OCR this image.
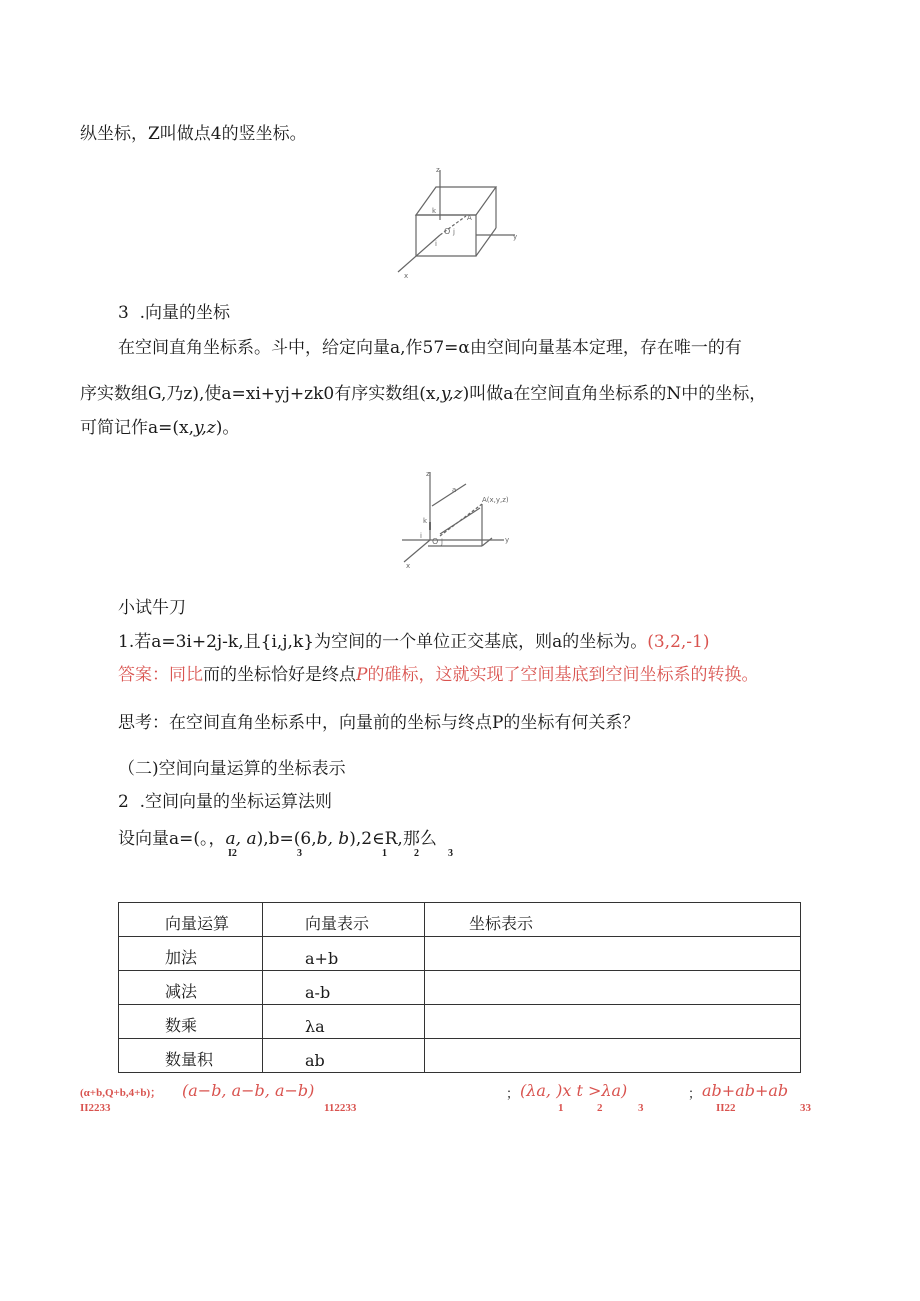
纵坐标，Z叫做点4的竖坐标。
z
k
A
O j
i
y
x
3  .向量的坐标
在空间直角坐标系。斗中，给定向量a,作57=α由空间向量基本定理，存在唯一的有
序实数组G,乃z),使a=xi+yj+zk0有序实数组(x,y,z)叫做a在空间直角坐标系的N中的坐标，
可简记作a=(x,y,z)。
z
a
A(x,y,z)
k
i
O j	y
x
小试牛刀
1.若a=3i+2j-k,且{i,j,k}为空间的一个单位正交基底，则a的坐标为。(3,2,-1)
答案：同比而的坐标恰好是终点P的碓标，这就实现了空间基底到空间坐标系的转换。
思考：在空间直角坐标系中，向量前的坐标与终点P的坐标有何关系？
（二)空间向量运算的坐标表示
2  .空间向量的坐标运算法则
设向量a=(。，a, a),b=(6,b, b),2∈R,那么
I2	3	1	2	3
向量运算	向量表示	坐标表示

加法	a+b	

减法	a-b	

数乘	λa	

数量积	ab	

(α+b,Q+b,4+b)； (a−b, a−b, a−b)	； (λa, )x t >λa)	； ab+ab+ab
II2233	112233	1	2	3	II22	33
